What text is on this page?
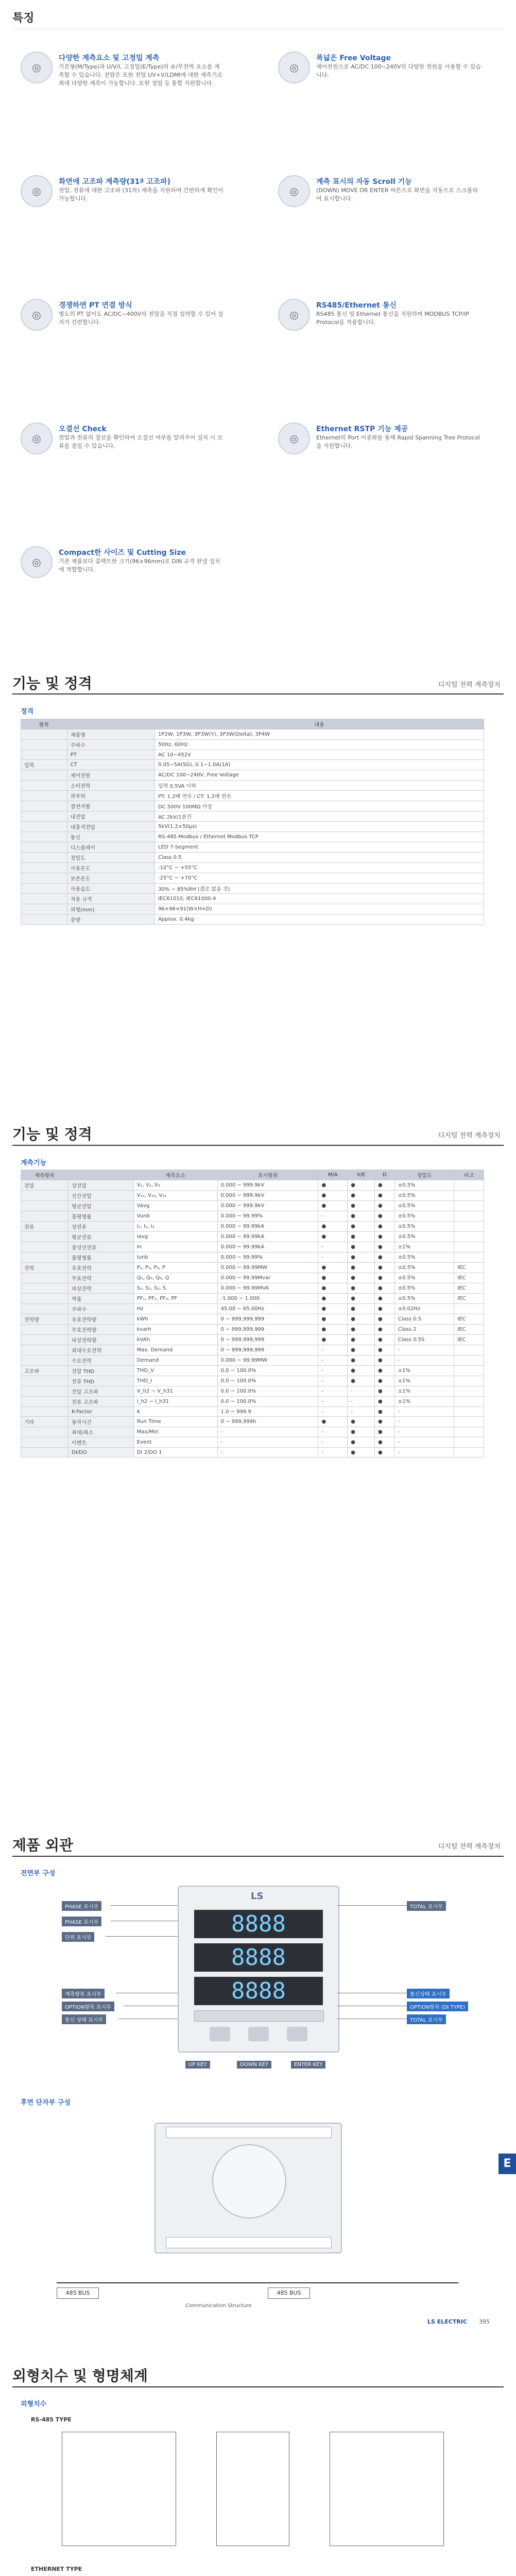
특징
◎
다양한 계측요소 및 고정밀 계측
기본형(M/Type)과 U/V/I, 고정밀(E/Type)의 유/무전력 요소를 계측할 수 있습니다. 전압은 또한 전압 UV+V/LDMI에 대한 계측기로 최대 다양한 계측이 가능합니다. 또한 정밀 등 통합 지원합니다.
◎
화면에 고조파 계측량(31ª 고조파)
전압, 전류에 대한 고조파 (31차) 계측을 지원하며 간편하게 확인이 가능합니다.
◎
경쟁하면 PT 연결 방식
별도의 PT 없이도 AC/DC~400V의 전압을 직접 입력할 수 있어 설치가 간편합니다.
◎
오결선 Check
전압과 전류의 결선을 확인하여 오결선 여부를 알려주어 설치 시 오류를 줄일 수 있습니다.
◎
Compact한 사이즈 및 Cutting Size
기존 제품보다 콤팩트한 크기(96×96mm)로 DIN 규격 판넬 설치에 적합합니다.
◎
폭넓은 Free Voltage
제어전원으로 AC/DC 100~240V의 다양한 전원을 사용할 수 있습니다.
◎
계측 표시의 자동 Scroll 기능
(DOWN) MOVE OR ENTER 버튼으로 화면을 자동으로 스크롤하여 표시합니다.
◎
RS485/Ethernet 통신
RS485 통신 및 Ethernet 통신을 지원하며 MODBUS TCP/IP Protocol을 적용합니다.
◎
Ethernet RSTP 기능 제공
Ethernet의 Port 이중화를 통해 Rapid Spanning Tree Protocol을 지원합니다.
기능 및 정격	디지털 전력 계측장치
정격
항목		내용
	제품명	1P2W, 1P3W, 3P3W(Y), 3P3W(Delta), 3P4W
	주파수	50Hz, 60Hz
	PT	AC 10~452V
입력	CT	0.05~5A(5G), 0.1~1.0A(1A)
	제어전원	AC/DC 100~240V, Free Voltage
	소비전력	입력 0.5VA 이하
	과부하	PT: 1.2배 연속 / CT: 1.2배 연속
	절연저항	DC 500V 100MΩ 이상
	내전압	AC 2kV/1분간
	내충격전압	5kV(1.2×50μs)
	통신	RS-485 Modbus / Ethernet Modbus TCP
	디스플레이	LED 7-Segment
	정밀도	Class 0.5
	사용온도	-10°C ~ +55°C
	보존온도	-25°C ~ +70°C
	사용습도	30% ~ 85%RH (결로 없을 것)
	적용 규격	IEC61010, IEC61000-4
	외형(mm)	96×96×91(W×H×D)
	중량	Approx. 0.4kg
기능 및 정격	디지털 전력 계측장치
계측기능
계측항목		계측요소	표시범위	M/A	V/E	D	정밀도	비고
전압	상전압	V₁, V₂, V₃	0.000 ~ 999.9kV	●	●	●	±0.5%	
	선간전압	V₁₂, V₂₃, V₃₁	0.000 ~ 999.9kV	●	●	●	±0.5%	
	평균전압	Vavg	0.000 ~ 999.9kV	●	●	●	±0.5%	
	불평형률	Vunb	0.000 ~ 99.99%	-	●	●	±0.5%	
전류	상전류	I₁, I₂, I₃	0.000 ~ 99.99kA	●	●	●	±0.5%	
	평균전류	Iavg	0.000 ~ 99.99kA	●	●	●	±0.5%	
	중성선전류	In	0.000 ~ 99.99kA	-	●	●	±1%	
	불평형률	Iunb	0.000 ~ 99.99%	-	●	●	±0.5%	
전력	유효전력	P₁, P₂, P₃, P	0.000 ~ 99.99MW	●	●	●	±0.5%	IEC
	무효전력	Q₁, Q₂, Q₃, Q	0.000 ~ 99.99Mvar	●	●	●	±0.5%	IEC
	피상전력	S₁, S₂, S₃, S	0.000 ~ 99.99MVA	●	●	●	±0.5%	IEC
	역률	PF₁, PF₂, PF₃, PF	-1.000 ~ 1.000	●	●	●	±0.5%	IEC
	주파수	Hz	45.00 ~ 65.00Hz	●	●	●	±0.02Hz	
전력량	유효전력량	kWh	0 ~ 999,999,999	●	●	●	Class 0.5	IEC
	무효전력량	kvarh	0 ~ 999,999,999	●	●	●	Class 2	IEC
	피상전력량	kVAh	0 ~ 999,999,999	●	●	●	Class 0.5S	IEC
	최대수요전력	Max. Demand	0 ~ 999,999,999	-	●	●	-	
	수요전력	Demand	0.000 ~ 99.99MW	-	●	●	-	
고조파	전압 THD	THD_V	0.0 ~ 100.0%	-	●	●	±1%	
	전류 THD	THD_I	0.0 ~ 100.0%	-	●	●	±1%	
	전압 고조파	V_h2 ~ V_h31	0.0 ~ 100.0%	-	-	●	±1%	
	전류 고조파	I_h2 ~ I_h31	0.0 ~ 100.0%	-	-	●	±1%	
	K-Factor	K	1.0 ~ 999.9	-	-	●	-	
기타	동작시간	Run Time	0 ~ 999,999h	●	●	●	-	
	최대/최소	Max/Min	-	-	●	●	-	
	이벤트	Event	-	-	●	●	-	
	DI/DO	DI 2/DO 1	-	-	●	●	-	
제품 외관	디지털 전력 계측장치
전면부 구성
LS
8888
8888
8888
PHASE 표시부
PHASE 표시부
단위 표시부
계측항목 표시부
OPTION항목 표시부
통신 상태 표시부
TOTAL 표시부
통신상태 표시부
OPTION항목 (DI TYPE)
TOTAL 표시부
UP KEY	DOWN KEY	ENTER KEY
후면 단자부 구성
485 BUS	485 BUS
Communication Structure
E
LS ELECTRIC 395
외형치수 및 형명체계
외형치수
RS-485 TYPE
ETHERNET TYPE
